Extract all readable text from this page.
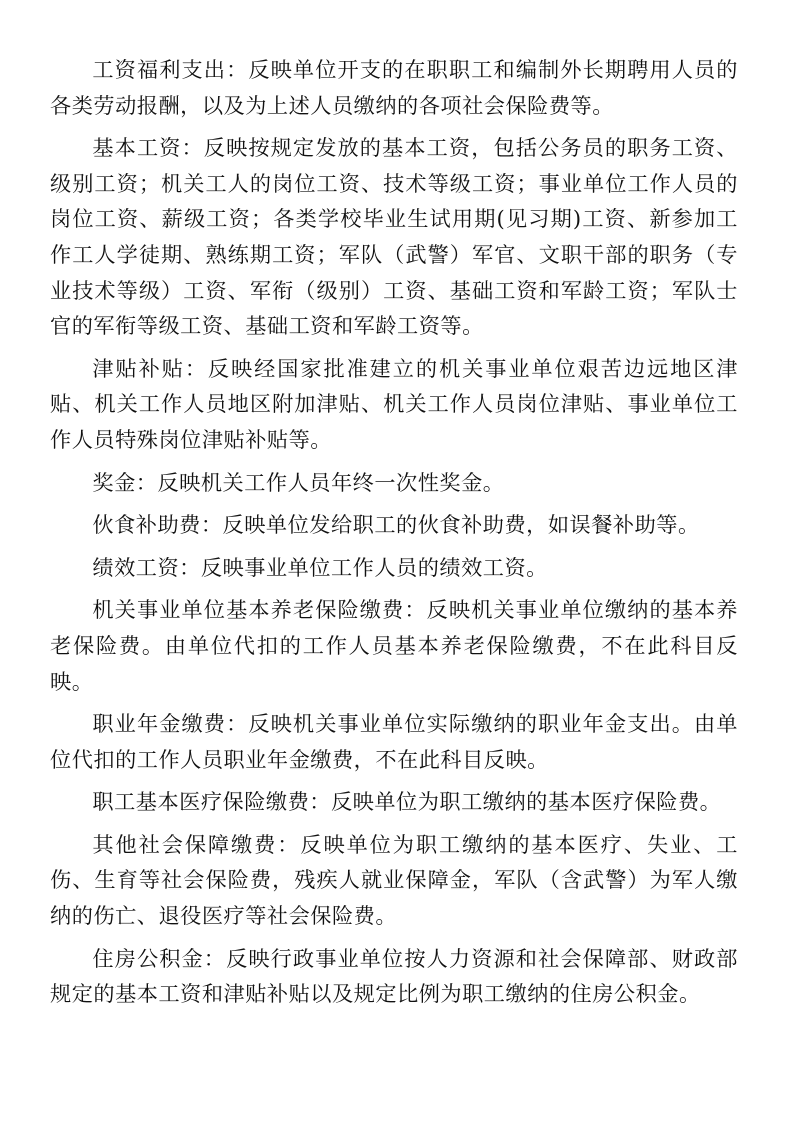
工资福利支出：反映单位开支的在职职工和编制外长期聘用人员的各类劳动报酬，以及为上述人员缴纳的各项社会保险费等。

基本工资：反映按规定发放的基本工资，包括公务员的职务工资、级别工资；机关工人的岗位工资、技术等级工资；事业单位工作人员的岗位工资、薪级工资；各类学校毕业生试用期(见习期)工资、新参加工作工人学徒期、熟练期工资；军队（武警）军官、文职干部的职务（专业技术等级）工资、军衔（级别）工资、基础工资和军龄工资；军队士官的军衔等级工资、基础工资和军龄工资等。

津贴补贴：反映经国家批准建立的机关事业单位艰苦边远地区津贴、机关工作人员地区附加津贴、机关工作人员岗位津贴、事业单位工作人员特殊岗位津贴补贴等。

奖金：反映机关工作人员年终一次性奖金。

伙食补助费：反映单位发给职工的伙食补助费，如误餐补助等。

绩效工资：反映事业单位工作人员的绩效工资。

机关事业单位基本养老保险缴费：反映机关事业单位缴纳的基本养老保险费。由单位代扣的工作人员基本养老保险缴费，不在此科目反映。

职业年金缴费：反映机关事业单位实际缴纳的职业年金支出。由单位代扣的工作人员职业年金缴费，不在此科目反映。

职工基本医疗保险缴费：反映单位为职工缴纳的基本医疗保险费。

其他社会保障缴费：反映单位为职工缴纳的基本医疗、失业、工伤、生育等社会保险费，残疾人就业保障金，军队（含武警）为军人缴纳的伤亡、退役医疗等社会保险费。

住房公积金：反映行政事业单位按人力资源和社会保障部、财政部规定的基本工资和津贴补贴以及规定比例为职工缴纳的住房公积金。
